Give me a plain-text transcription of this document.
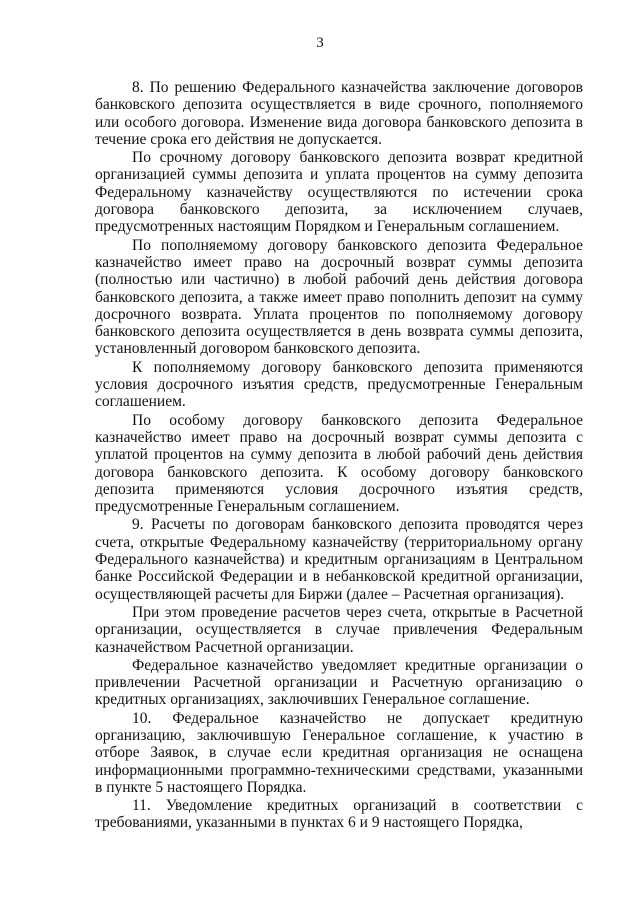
3

8. По решению Федерального казначейства заключение договоров банковского депозита осуществляется в виде срочного, пополняемого или особого договора. Изменение вида договора банковского депозита в течение срока его действия не допускается.

По срочному договору банковского депозита возврат кредитной организацией суммы депозита и уплата процентов на сумму депозита Федеральному казначейству осуществляются по истечении срока договора банковского депозита, за исключением случаев, предусмотренных настоящим Порядком и Генеральным соглашением.

По пополняемому договору банковского депозита Федеральное казначейство имеет право на досрочный возврат суммы депозита (полностью или частично) в любой рабочий день действия договора банковского депозита, а также имеет право пополнить депозит на сумму досрочного возврата. Уплата процентов по пополняемому договору банковского депозита осуществляется в день возврата суммы депозита, установленный договором банковского депозита.

К пополняемому договору банковского депозита применяются условия досрочного изъятия средств, предусмотренные Генеральным соглашением.

По особому договору банковского депозита Федеральное казначейство имеет право на досрочный возврат суммы депозита с уплатой процентов на сумму депозита в любой рабочий день действия договора банковского депозита. К особому договору банковского депозита применяются условия досрочного изъятия средств, предусмотренные Генеральным соглашением.

9. Расчеты по договорам банковского депозита проводятся через счета, открытые Федеральному казначейству (территориальному органу Федерального казначейства) и кредитным организациям в Центральном банке Российской Федерации и в небанковской кредитной организации, осуществляющей расчеты для Биржи (далее – Расчетная организация).

При этом проведение расчетов через счета, открытые в Расчетной организации, осуществляется в случае привлечения Федеральным казначейством Расчетной организации.

Федеральное казначейство уведомляет кредитные организации о привлечении Расчетной организации и Расчетную организацию о кредитных организациях, заключивших Генеральное соглашение.

10. Федеральное казначейство не допускает кредитную организацию, заключившую Генеральное соглашение, к участию в отборе Заявок, в случае если кредитная организация не оснащена информационными программно-техническими средствами, указанными в пункте 5 настоящего Порядка.

11. Уведомление кредитных организаций в соответствии с требованиями, указанными в пунктах 6 и 9 настоящего Порядка,
